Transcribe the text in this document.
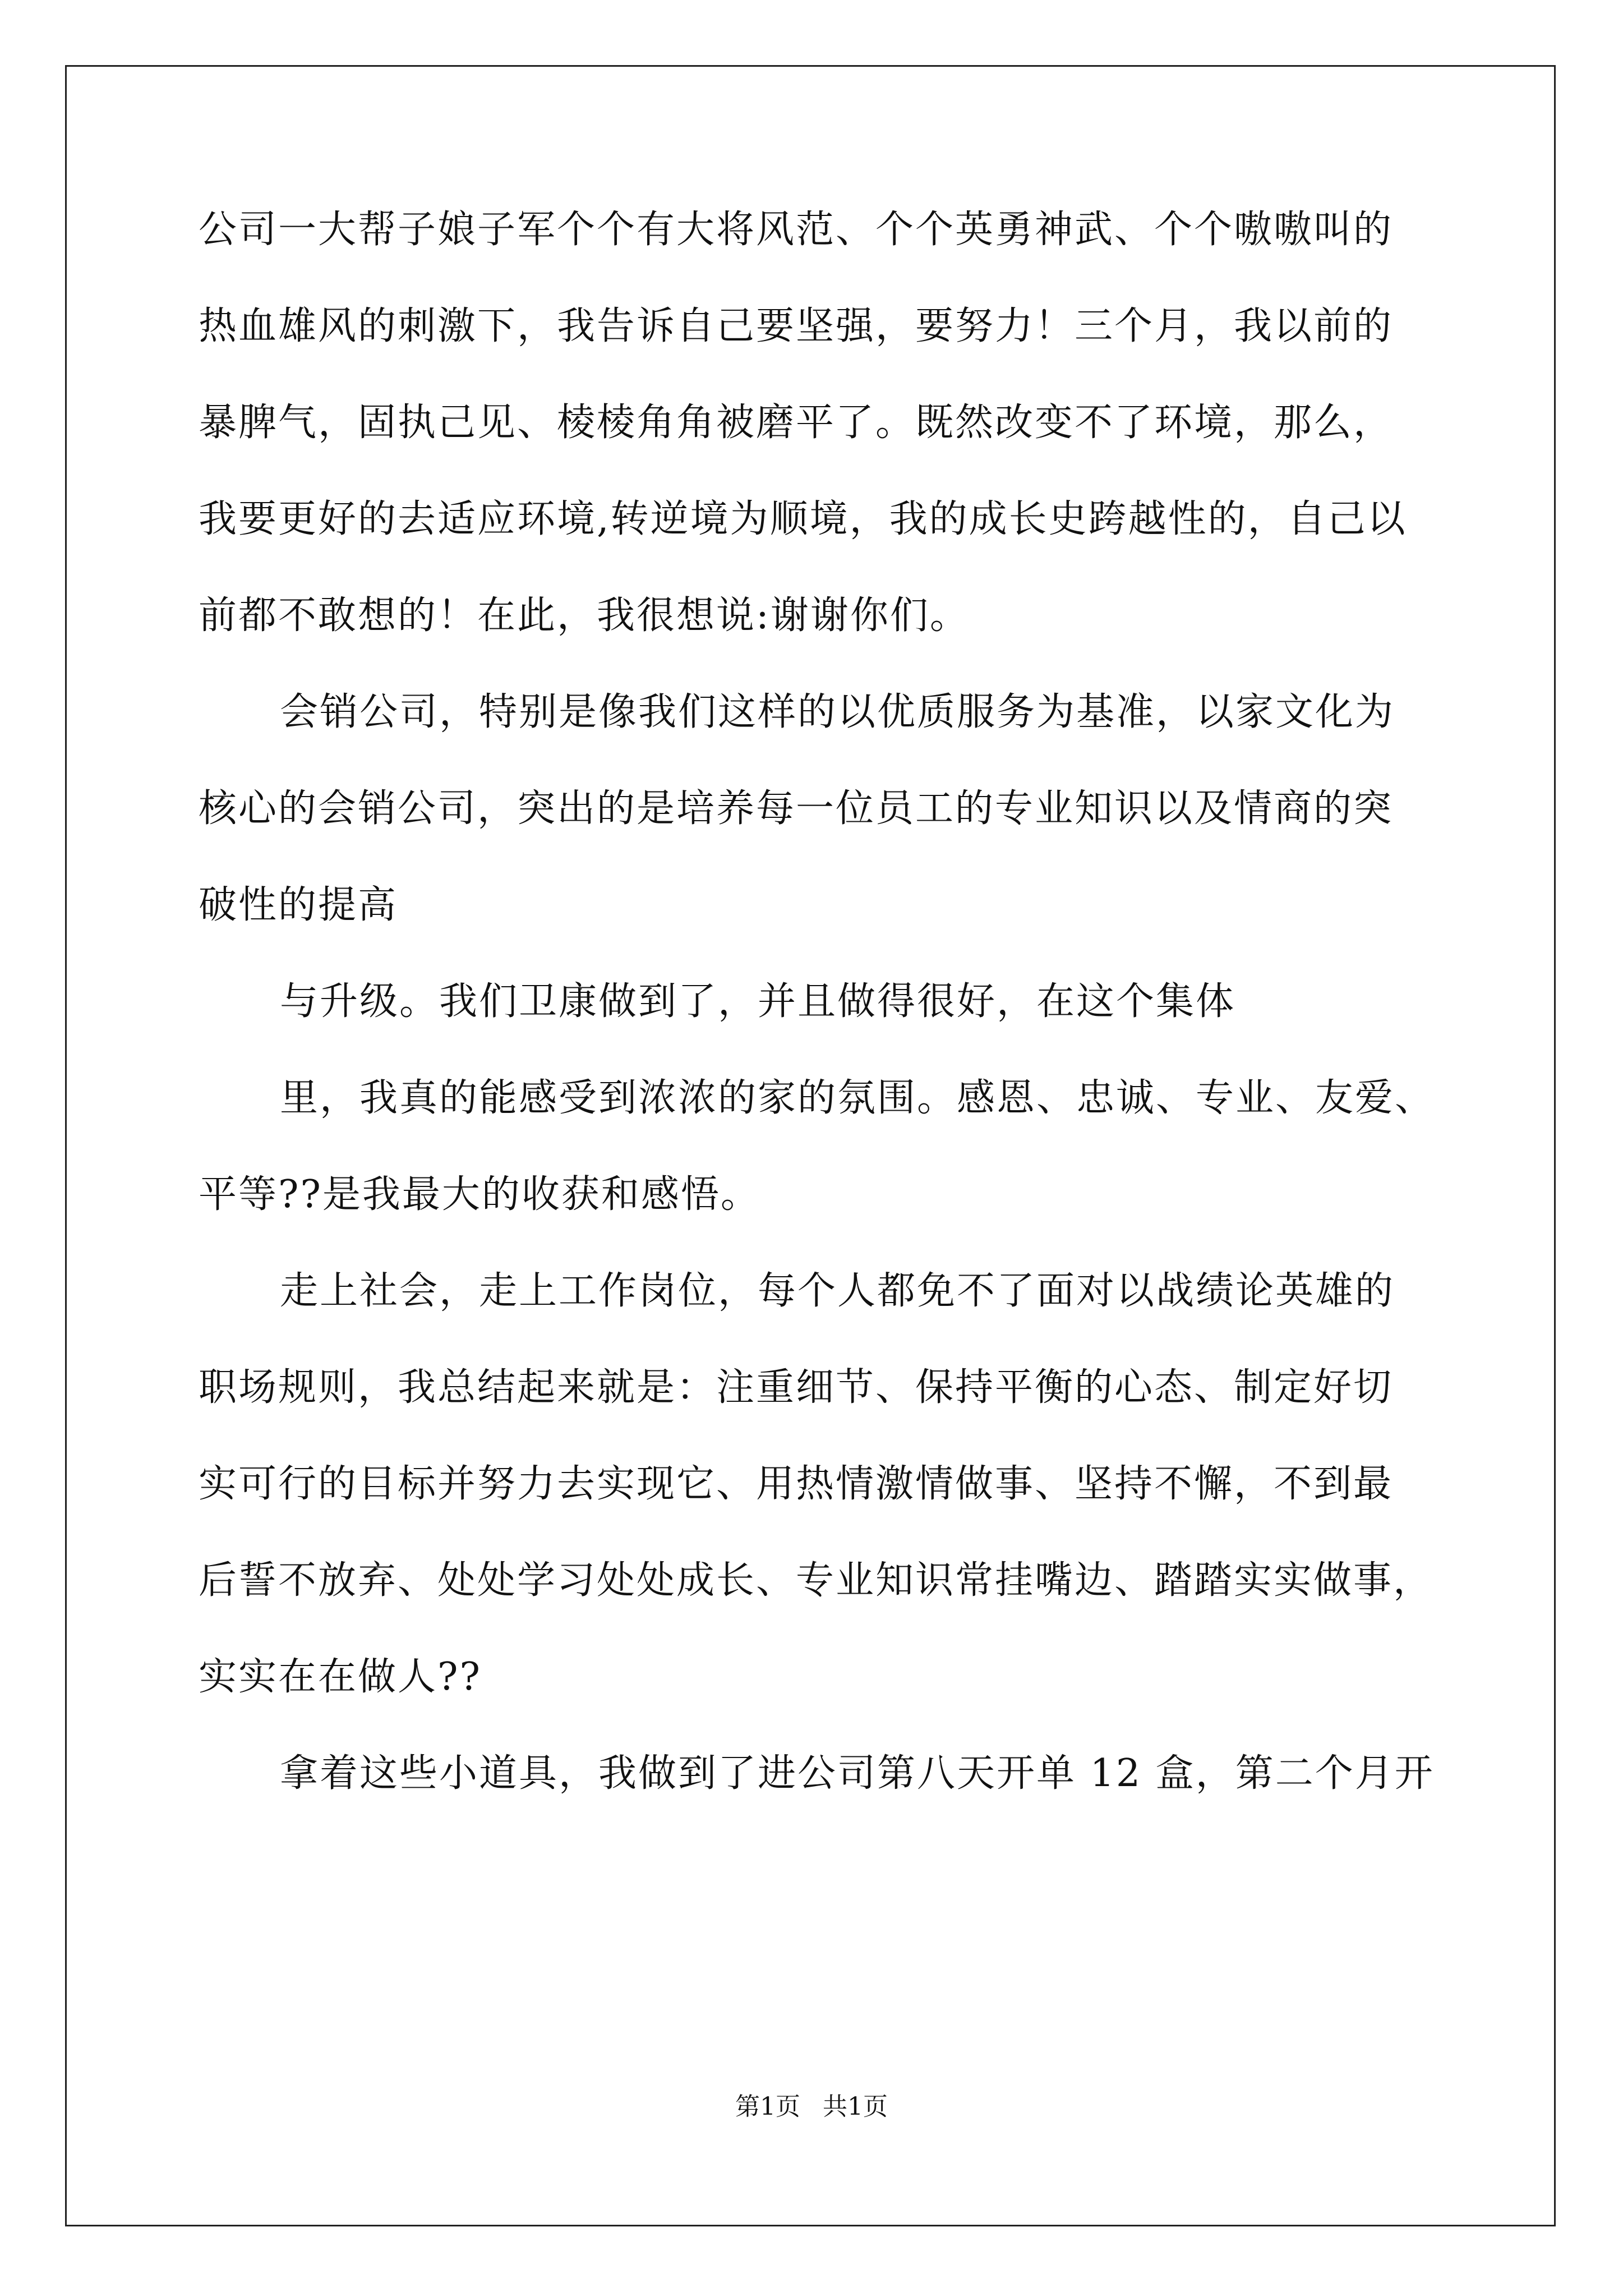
公司一大帮子娘子军个个有大将风范、个个英勇神武、个个嗷嗷叫的
热血雄风的刺激下，我告诉自己要坚强，要努力！三个月，我以前的
暴脾气，固执己见、棱棱角角被磨平了。既然改变不了环境，那么，
我要更好的去适应环境,转逆境为顺境，我的成长史跨越性的，自己以
前都不敢想的！在此，我很想说:谢谢你们。
会销公司，特别是像我们这样的以优质服务为基准，以家文化为
核心的会销公司，突出的是培养每一位员工的专业知识以及情商的突
破性的提高
与升级。我们卫康做到了，并且做得很好，在这个集体
里，我真的能感受到浓浓的家的氛围。感恩、忠诚、专业、友爱、
平等??是我最大的收获和感悟。
走上社会，走上工作岗位，每个人都免不了面对以战绩论英雄的
职场规则，我总结起来就是：注重细节、保持平衡的心态、制定好切
实可行的目标并努力去实现它、用热情激情做事、坚持不懈，不到最
后誓不放弃、处处学习处处成长、专业知识常挂嘴边、踏踏实实做事，
实实在在做人??
拿着这些小道具，我做到了进公司第八天开单 12 盒，第二个月开
第1页 共1页
